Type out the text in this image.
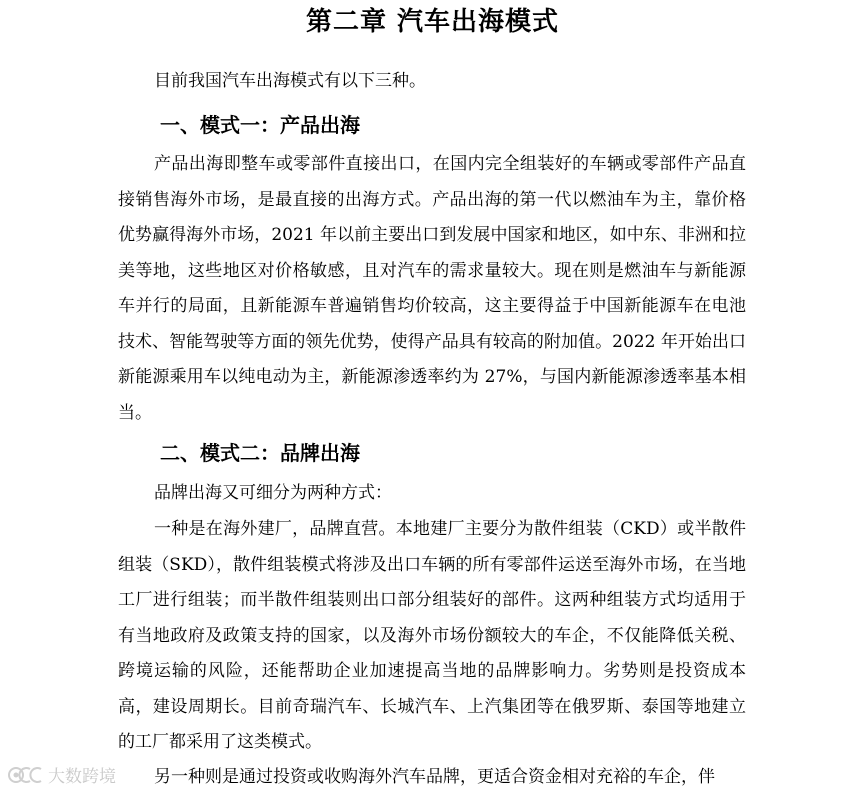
第二章 汽车出海模式

目前我国汽车出海模式有以下三种。

一、模式一：产品出海

产品出海即整车或零部件直接出口，在国内完全组装好的车辆或零部件产品直接销售海外市场，是最直接的出海方式。产品出海的第一代以燃油车为主，靠价格优势赢得海外市场，2021 年以前主要出口到发展中国家和地区，如中东、非洲和拉美等地，这些地区对价格敏感，且对汽车的需求量较大。现在则是燃油车与新能源车并行的局面，且新能源车普遍销售均价较高，这主要得益于中国新能源车在电池技术、智能驾驶等方面的领先优势，使得产品具有较高的附加值。2022 年开始出口新能源乘用车以纯电动为主，新能源渗透率约为 27%，与国内新能源渗透率基本相当。

二、模式二：品牌出海

品牌出海又可细分为两种方式：

一种是在海外建厂，品牌直营。本地建厂主要分为散件组装（CKD）或半散件组装（SKD），散件组装模式将涉及出口车辆的所有零部件运送至海外市场，在当地工厂进行组装；而半散件组装则出口部分组装好的部件。这两种组装方式均适用于有当地政府及政策支持的国家，以及海外市场份额较大的车企，不仅能降低关税、跨境运输的风险，还能帮助企业加速提高当地的品牌影响力。劣势则是投资成本高，建设周期长。目前奇瑞汽车、长城汽车、上汽集团等在俄罗斯、泰国等地建立的工厂都采用了这类模式。

另一种则是通过投资或收购海外汽车品牌，更适合资金相对充裕的车企，伴

大数跨境
